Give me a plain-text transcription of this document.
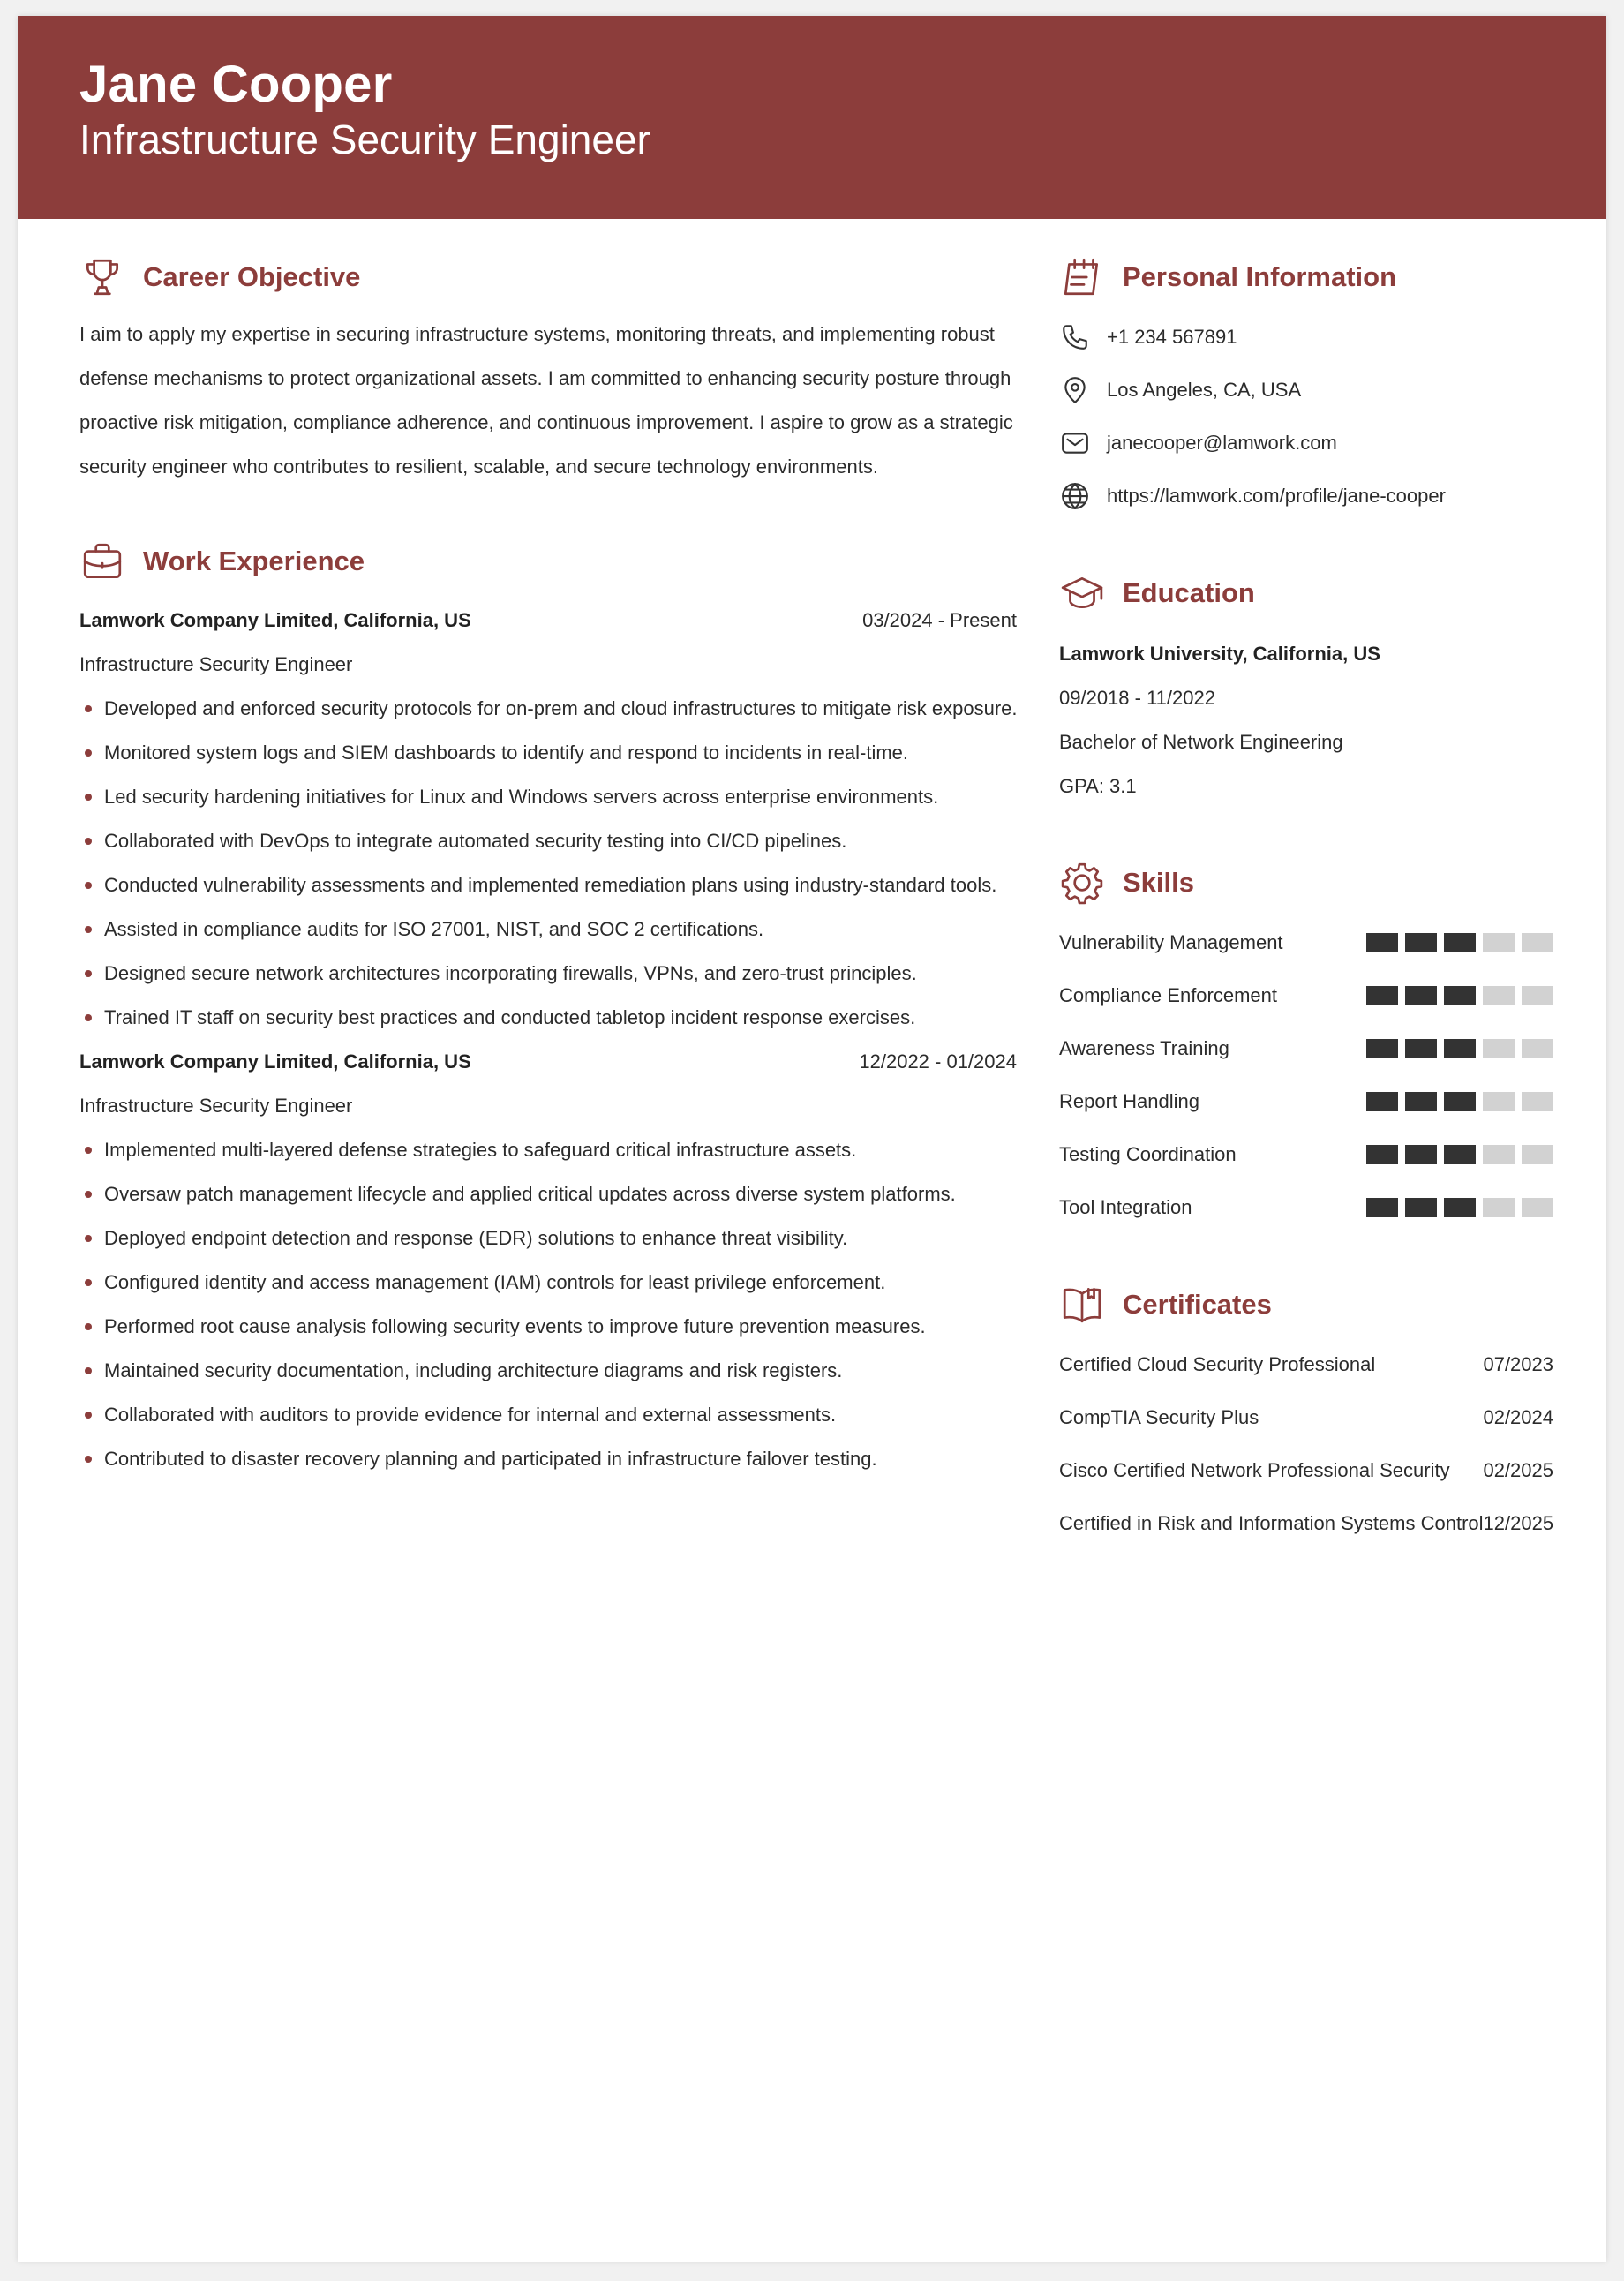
Jane Cooper
Infrastructure Security Engineer
Career Objective

I aim to apply my expertise in securing infrastructure systems, monitoring threats, and implementing robust defense mechanisms to protect organizational assets. I am committed to enhancing security posture through proactive risk mitigation, compliance adherence, and continuous improvement. I aspire to grow as a strategic security engineer who contributes to resilient, scalable, and secure technology environments.

Work Experience
Lamwork Company Limited, California, US	03/2024 - Present
Infrastructure Security Engineer
Developed and enforced security protocols for on-prem and cloud infrastructures to mitigate risk exposure.
Monitored system logs and SIEM dashboards to identify and respond to incidents in real-time.
Led security hardening initiatives for Linux and Windows servers across enterprise environments.
Collaborated with DevOps to integrate automated security testing into CI/CD pipelines.
Conducted vulnerability assessments and implemented remediation plans using industry-standard tools.
Assisted in compliance audits for ISO 27001, NIST, and SOC 2 certifications.
Designed secure network architectures incorporating firewalls, VPNs, and zero-trust principles.
Trained IT staff on security best practices and conducted tabletop incident response exercises.
Lamwork Company Limited, California, US	12/2022 - 01/2024
Infrastructure Security Engineer
Implemented multi-layered defense strategies to safeguard critical infrastructure assets.
Oversaw patch management lifecycle and applied critical updates across diverse system platforms.
Deployed endpoint detection and response (EDR) solutions to enhance threat visibility.
Configured identity and access management (IAM) controls for least privilege enforcement.
Performed root cause analysis following security events to improve future prevention measures.
Maintained security documentation, including architecture diagrams and risk registers.
Collaborated with auditors to provide evidence for internal and external assessments.
Contributed to disaster recovery planning and participated in infrastructure failover testing.
Personal Information
+1 234 567891
Los Angeles, CA, USA
janecooper@lamwork.com
https://lamwork.com/profile/jane-cooper
Education
Lamwork University, California, US
09/2018 - 11/2022
Bachelor of Network Engineering
GPA: 3.1
Skills
Vulnerability Management
Compliance Enforcement
Awareness Training
Report Handling
Testing Coordination
Tool Integration
Certificates
Certified Cloud Security Professional	07/2023
CompTIA Security Plus	02/2024
Cisco Certified Network Professional Security 02/2025
Certified in Risk and Information Systems Control 12/2025
